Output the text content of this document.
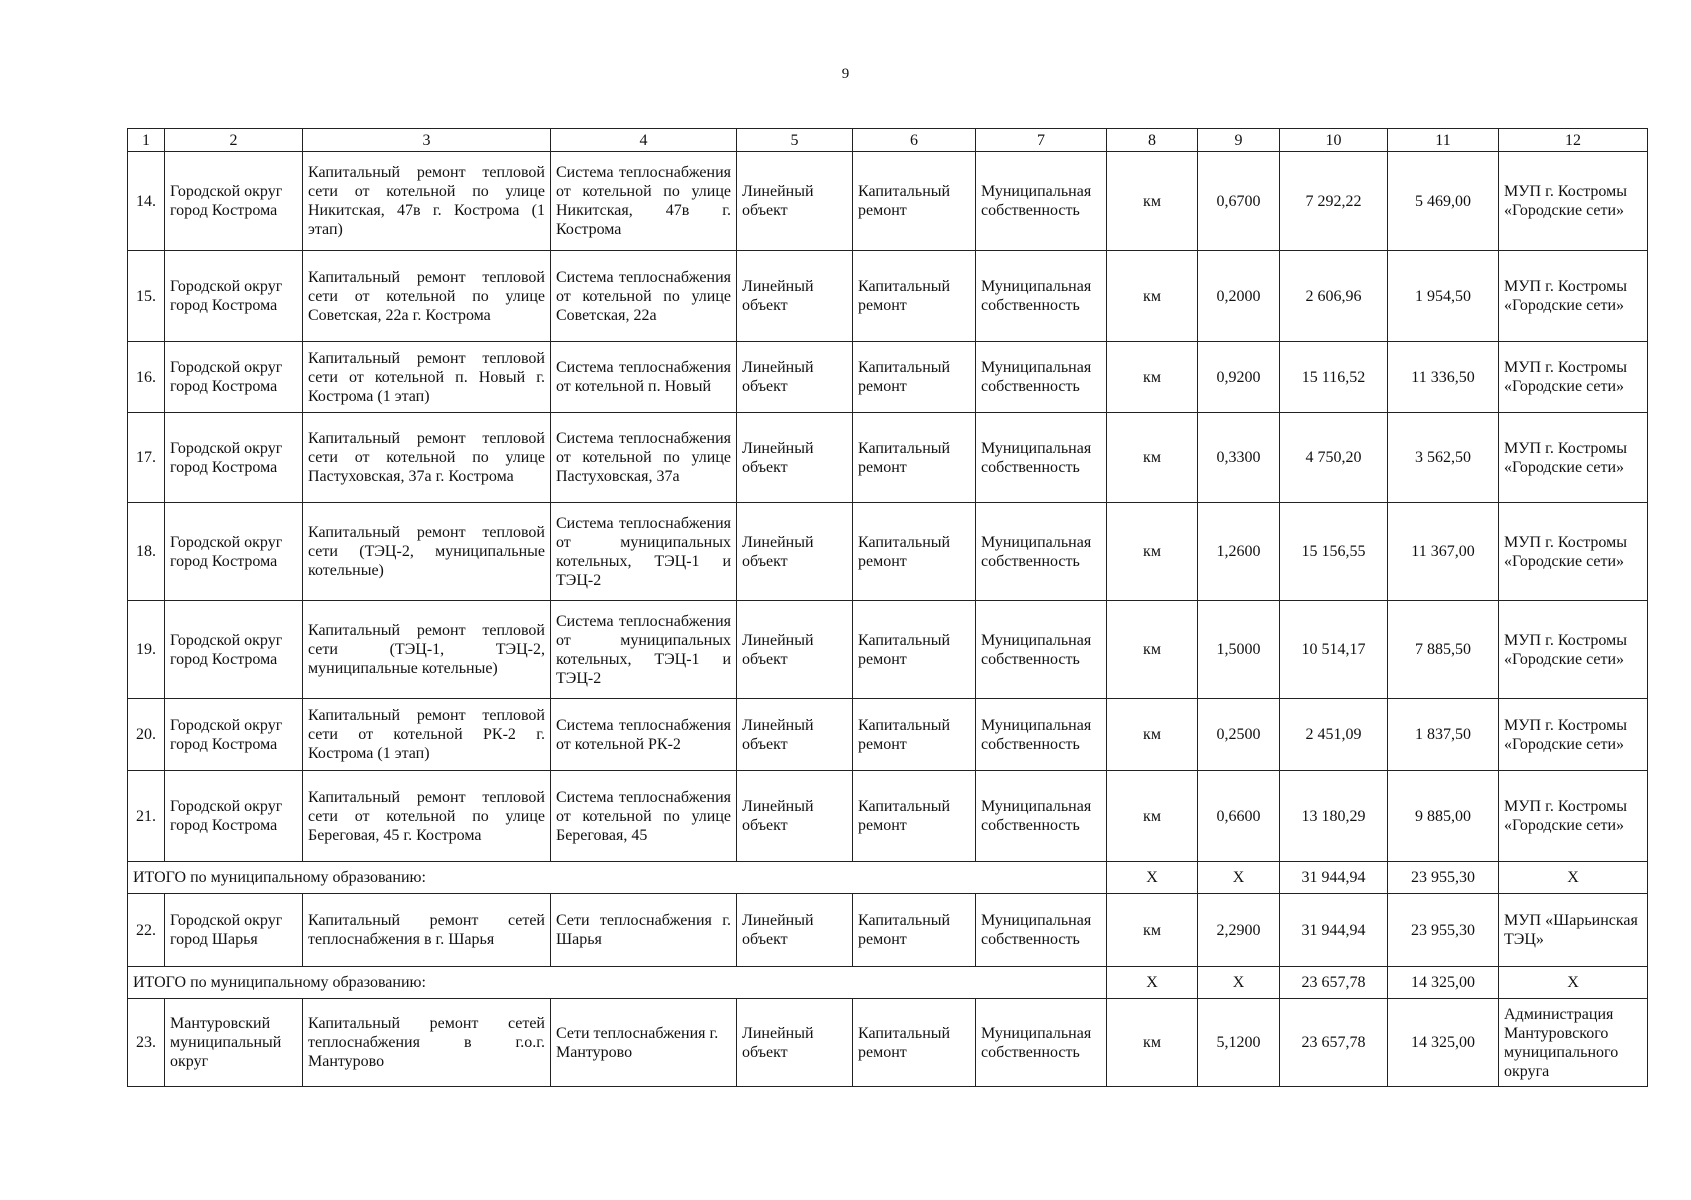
9
1	2	3	4	5	6	7	8	9	10	11	12
14.	Городской округ город Кострома	Капитальный ремонт тепловой сети от котельной по улице Никитская, 47в г. Кострома (1 этап)	Система теплоснабжения от котельной по улице Никитская, 47в г. Кострома	Линейный объект	Капитальный ремонт	Муниципальная собственность	км	0,6700	7 292,22	5 469,00	МУП г. Костромы «Городские сети»
15.	Городской округ город Кострома	Капитальный ремонт тепловой сети от котельной по улице Советская, 22а г. Кострома	Система теплоснабжения от котельной по улице Советская, 22а	Линейный объект	Капитальный ремонт	Муниципальная собственность	км	0,2000	2 606,96	1 954,50	МУП г. Костромы «Городские сети»
16.	Городской округ город Кострома	Капитальный ремонт тепловой сети от котельной п. Новый г. Кострома (1 этап)	Система теплоснабжения от котельной п. Новый	Линейный объект	Капитальный ремонт	Муниципальная собственность	км	0,9200	15 116,52	11 336,50	МУП г. Костромы «Городские сети»
17.	Городской округ город Кострома	Капитальный ремонт тепловой сети от котельной по улице Пастуховская, 37а г. Кострома	Система теплоснабжения от котельной по улице Пастуховская, 37а	Линейный объект	Капитальный ремонт	Муниципальная собственность	км	0,3300	4 750,20	3 562,50	МУП г. Костромы «Городские сети»
18.	Городской округ город Кострома	Капитальный ремонт тепловой сети (ТЭЦ-2, муниципальные котельные)	Система теплоснабжения от муниципальных котельных, ТЭЦ-1 и ТЭЦ-2	Линейный объект	Капитальный ремонт	Муниципальная собственность	км	1,2600	15 156,55	11 367,00	МУП г. Костромы «Городские сети»
19.	Городской округ город Кострома	Капитальный ремонт тепловой сети (ТЭЦ-1, ТЭЦ-2, муниципальные котельные)	Система теплоснабжения от муниципальных котельных, ТЭЦ-1 и ТЭЦ-2	Линейный объект	Капитальный ремонт	Муниципальная собственность	км	1,5000	10 514,17	7 885,50	МУП г. Костромы «Городские сети»
20.	Городской округ город Кострома	Капитальный ремонт тепловой сети от котельной РК-2 г. Кострома (1 этап)	Система теплоснабжения от котельной РК-2	Линейный объект	Капитальный ремонт	Муниципальная собственность	км	0,2500	2 451,09	1 837,50	МУП г. Костромы «Городские сети»
21.	Городской округ город Кострома	Капитальный ремонт тепловой сети от котельной по улице Береговая, 45 г. Кострома	Система теплоснабжения от котельной по улице Береговая, 45	Линейный объект	Капитальный ремонт	Муниципальная собственность	км	0,6600	13 180,29	9 885,00	МУП г. Костромы «Городские сети»
ИТОГО по муниципальному образованию:							Х	Х	31 944,94	23 955,30	Х
22.	Городской округ город Шарья	Капитальный ремонт сетей теплоснабжения в г. Шарья	Сети теплоснабжения г. Шарья	Линейный объект	Капитальный ремонт	Муниципальная собственность	км	2,2900	31 944,94	23 955,30	МУП «Шарьинская ТЭЦ»
ИТОГО по муниципальному образованию:							Х	Х	23 657,78	14 325,00	Х
23.	Мантуровский муниципальный округ	Капитальный ремонт сетей теплоснабжения в г.о.г. Мантурово	Сети теплоснабжения г. Мантурово	Линейный объект	Капитальный ремонт	Муниципальная собственность	км	5,1200	23 657,78	14 325,00	Администрация Мантуровского муниципального округа
